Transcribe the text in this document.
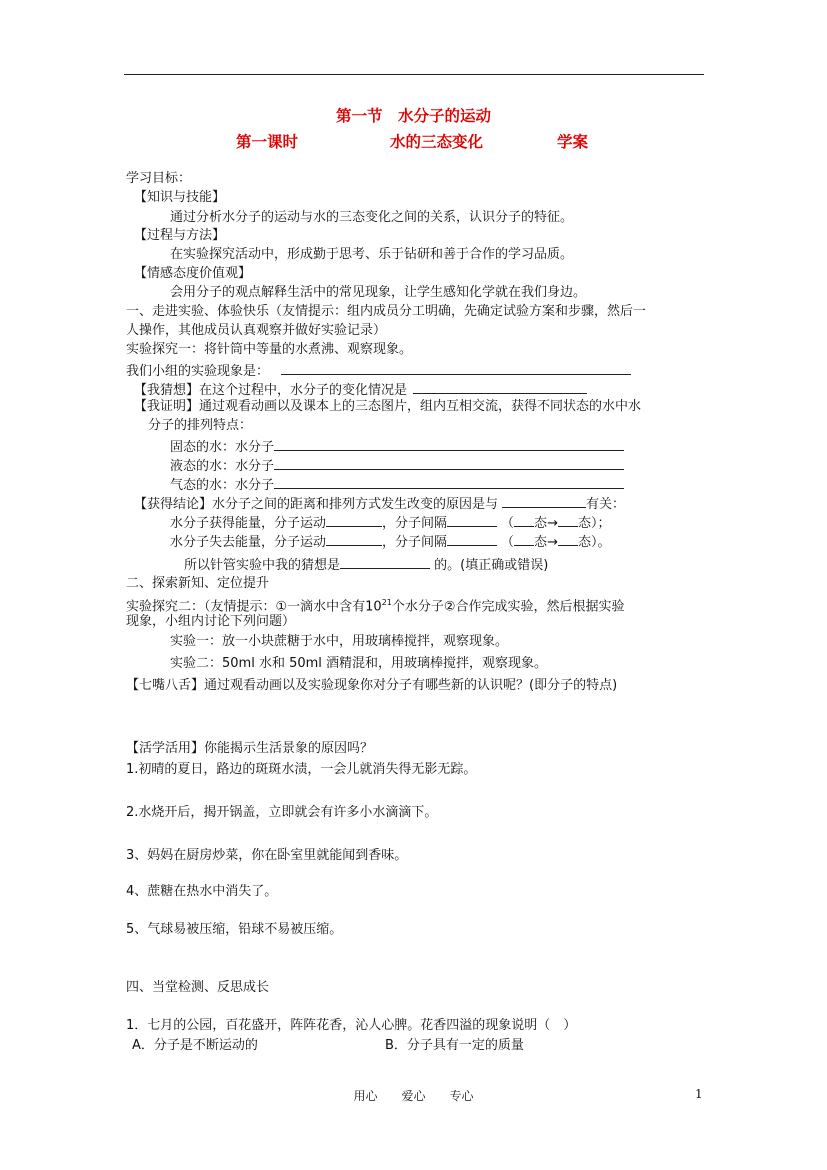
第一节　水分子的运动
第一课时	水的三态变化	学案
学习目标：
【知识与技能】
通过分析水分子的运动与水的三态变化之间的关系，认识分子的特征。
【过程与方法】
在实验探究活动中，形成勤于思考、乐于钻研和善于合作的学习品质。
【情感态度价值观】
会用分子的观点解释生活中的常见现象，让学生感知化学就在我们身边。
一、走进实验、体验快乐（友情提示：组内成员分工明确，先确定试验方案和步骤，然后一
人操作，其他成员认真观察并做好实验记录）
实验探究一：将针筒中等量的水煮沸、观察现象。
我们小组的实验现象是：
【我猜想】在这个过程中，水分子的变化情况是
【我证明】通过观看动画以及课本上的三态图片，组内互相交流，获得不同状态的水中水
分子的排列特点：
固态的水：水分子
液态的水：水分子
气态的水：水分子
【获得结论】水分子之间的距离和排列方式发生改变的原因是与	有关：
水分子获得能量，分子运动	，分子间隔	（ 态→ 态）；
水分子失去能量，分子运动	，分子间隔	（ 态→ 态）。
所以针管实验中我的猜想是	的。(填正确或错误)
二、探索新知、定位提升
实验探究二：（友情提示：①一滴水中含有$10^{21}$个水分子②合作完成实验，然后根据实验
现象，小组内讨论下列问题）
实验一：放一小块蔗糖于水中，用玻璃棒搅拌，观察现象。
实验二：50ml 水和 50ml 酒精混和，用玻璃棒搅拌，观察现象。
【七嘴八舌】通过观看动画以及实验现象你对分子有哪些新的认识呢？(即分子的特点)
【活学活用】你能揭示生活景象的原因吗？
1.初晴的夏日，路边的斑斑水渍，一会儿就消失得无影无踪。
2.水烧开后，揭开锅盖，立即就会有许多小水滴滴下。
3、妈妈在厨房炒菜，你在卧室里就能闻到香味。
4、蔗糖在热水中消失了。
5、气球易被压缩，铅球不易被压缩。
四、当堂检测、反思成长
1．七月的公园，百花盛开，阵阵花香，沁人心脾。花香四溢的现象说明（　）
A．分子是不断运动的	B．分子具有一定的质量
用心　　爱心　　专心	1
